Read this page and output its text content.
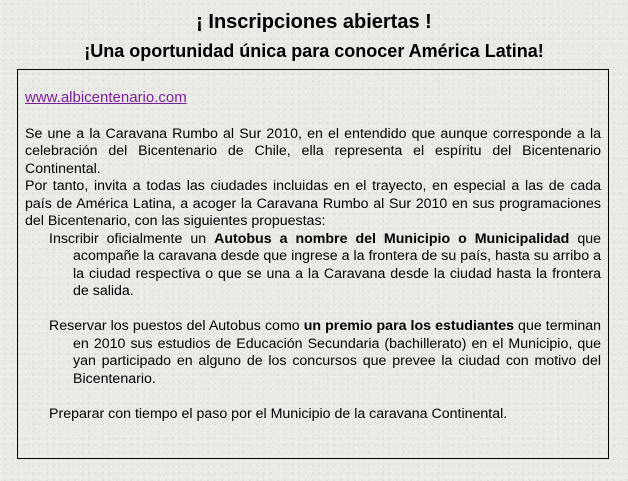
¡ Inscripciones abiertas !
¡Una oportunidad única para conocer América Latina!
www.albicentenario.com

Se une a la Caravana Rumbo al Sur 2010, en el entendido que aunque corresponde a la celebración del Bicentenario de Chile, ella representa el espíritu del Bicentenario Continental.

Por tanto, invita a todas las ciudades incluidas en el trayecto, en especial a las de cada país de América Latina, a acoger la Caravana Rumbo al Sur 2010 en sus programaciones del Bicentenario, con las siguientes propuestas:

Inscribir oficialmente un Autobus a nombre del Municipio o Municipalidad que acompañe la caravana desde que ingrese a la frontera de su país, hasta su arribo a la ciudad respectiva o que se una a la Caravana desde la ciudad hasta la frontera de salida.

Reservar los puestos del Autobus como un premio para los estudiantes que terminan en 2010 sus estudios de Educación Secundaria (bachillerato) en el Municipio, que yan participado en alguno de los concursos que prevee la ciudad con motivo del Bicentenario.

Preparar con tiempo el paso por el Municipio de la caravana Continental.
